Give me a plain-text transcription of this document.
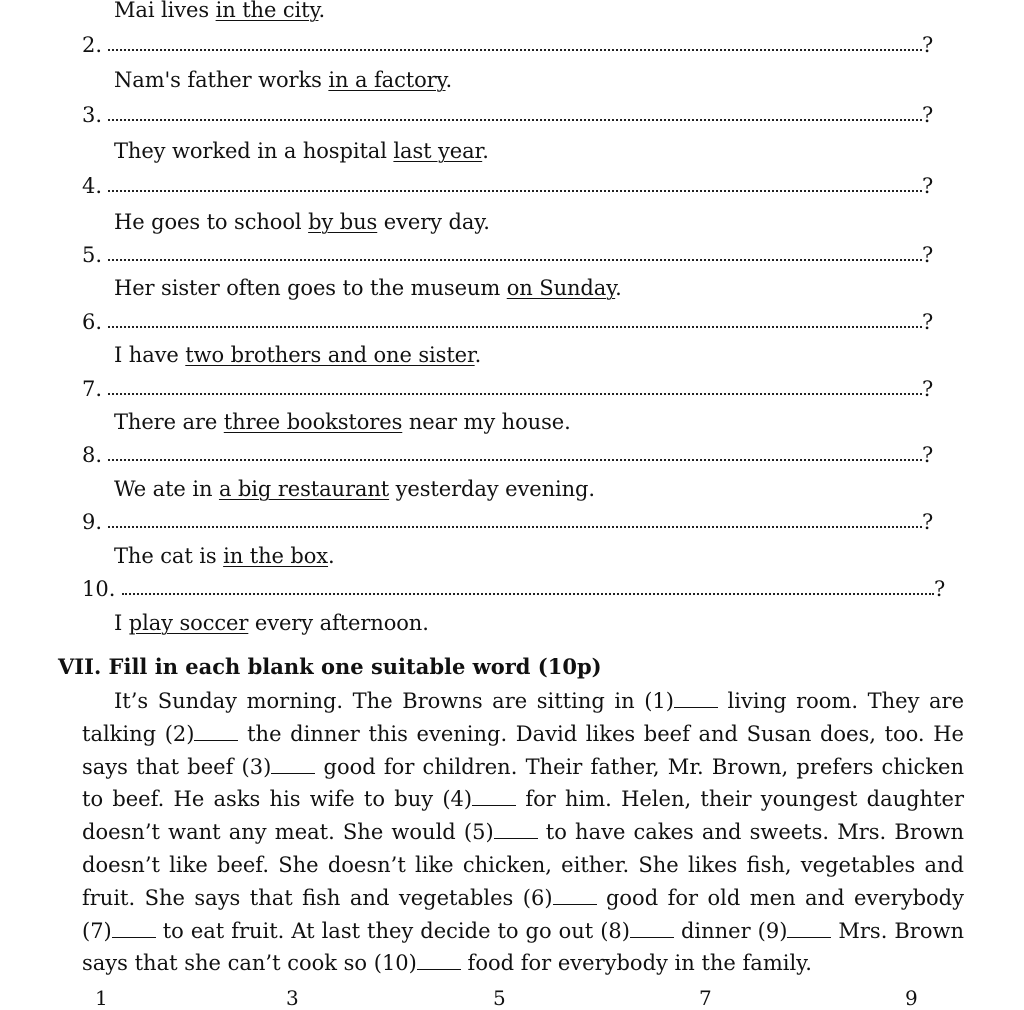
Mai lives in the city.
2.	?
Nam's father works in a factory.
3.	?
They worked in a hospital last year.
4.	?
He goes to school by bus every day.
5.	?
Her sister often goes to the museum on Sunday.
6.	?
I have two brothers and one sister.
7.	?
There are three bookstores near my house.
8.	?
We ate in a big restaurant yesterday evening.
9.	?
The cat is in the box.
10.	?
I play soccer every afternoon.
VII. Fill in each blank one suitable word (10p)
It’s Sunday morning. The Browns are sitting in (1) living room. They are talking (2) the dinner this evening. David likes beef and Susan does, too. He says that beef (3) good for children. Their father, Mr. Brown, prefers chicken to beef. He asks his wife to buy (4) for him. Helen, their youngest daughter doesn’t want any meat. She would (5) to have cakes and sweets. Mrs. Brown doesn’t like beef. She doesn’t like chicken, either. She likes fish, vegetables and fruit. She says that fish and vegetables (6) good for old men and everybody (7) to eat fruit. At last they decide to go out (8) dinner (9) Mrs. Brown says that she can’t cook so (10) food for everybody in the family.
1	3	5	7	9
